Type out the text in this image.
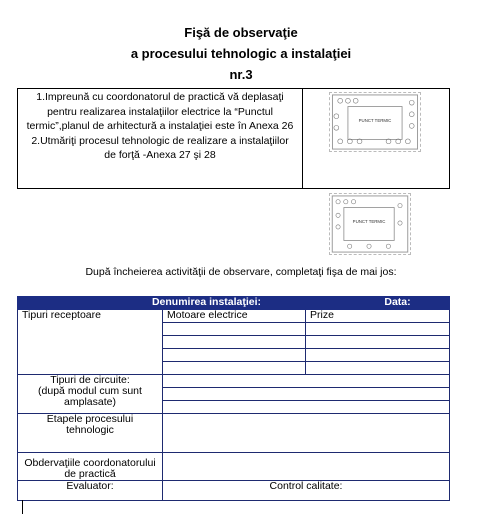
Fişă de observaţie
a procesului tehnologic a instalaţiei
nr.3
1.Impreună cu coordonatorul de practică vă deplasaţi
pentru realizarea instalaţiilor electrice la “Punctul
termic”,planul de arhitectură a instalaţiei este în Anexa 26
2.Utmăriţi procesul tehnologic de realizare a instalaţiilor
de forţă -Anexa 27 şi 28

PUNCT TERMIC
PUNCT TERMIC
După încheierea activităţii de observare, completaţi fişa de mai jos:
Denumirea instalaţiei:		Data:
Tipuri receptoare	Motoare electrice	Prize

Tipuri de circuite:
(după modul cum sunt amplasate)		

Etapele procesului tehnologic		
Obdervaţiile coordonatorului de practică		
Evaluator:	Control calitate:	
